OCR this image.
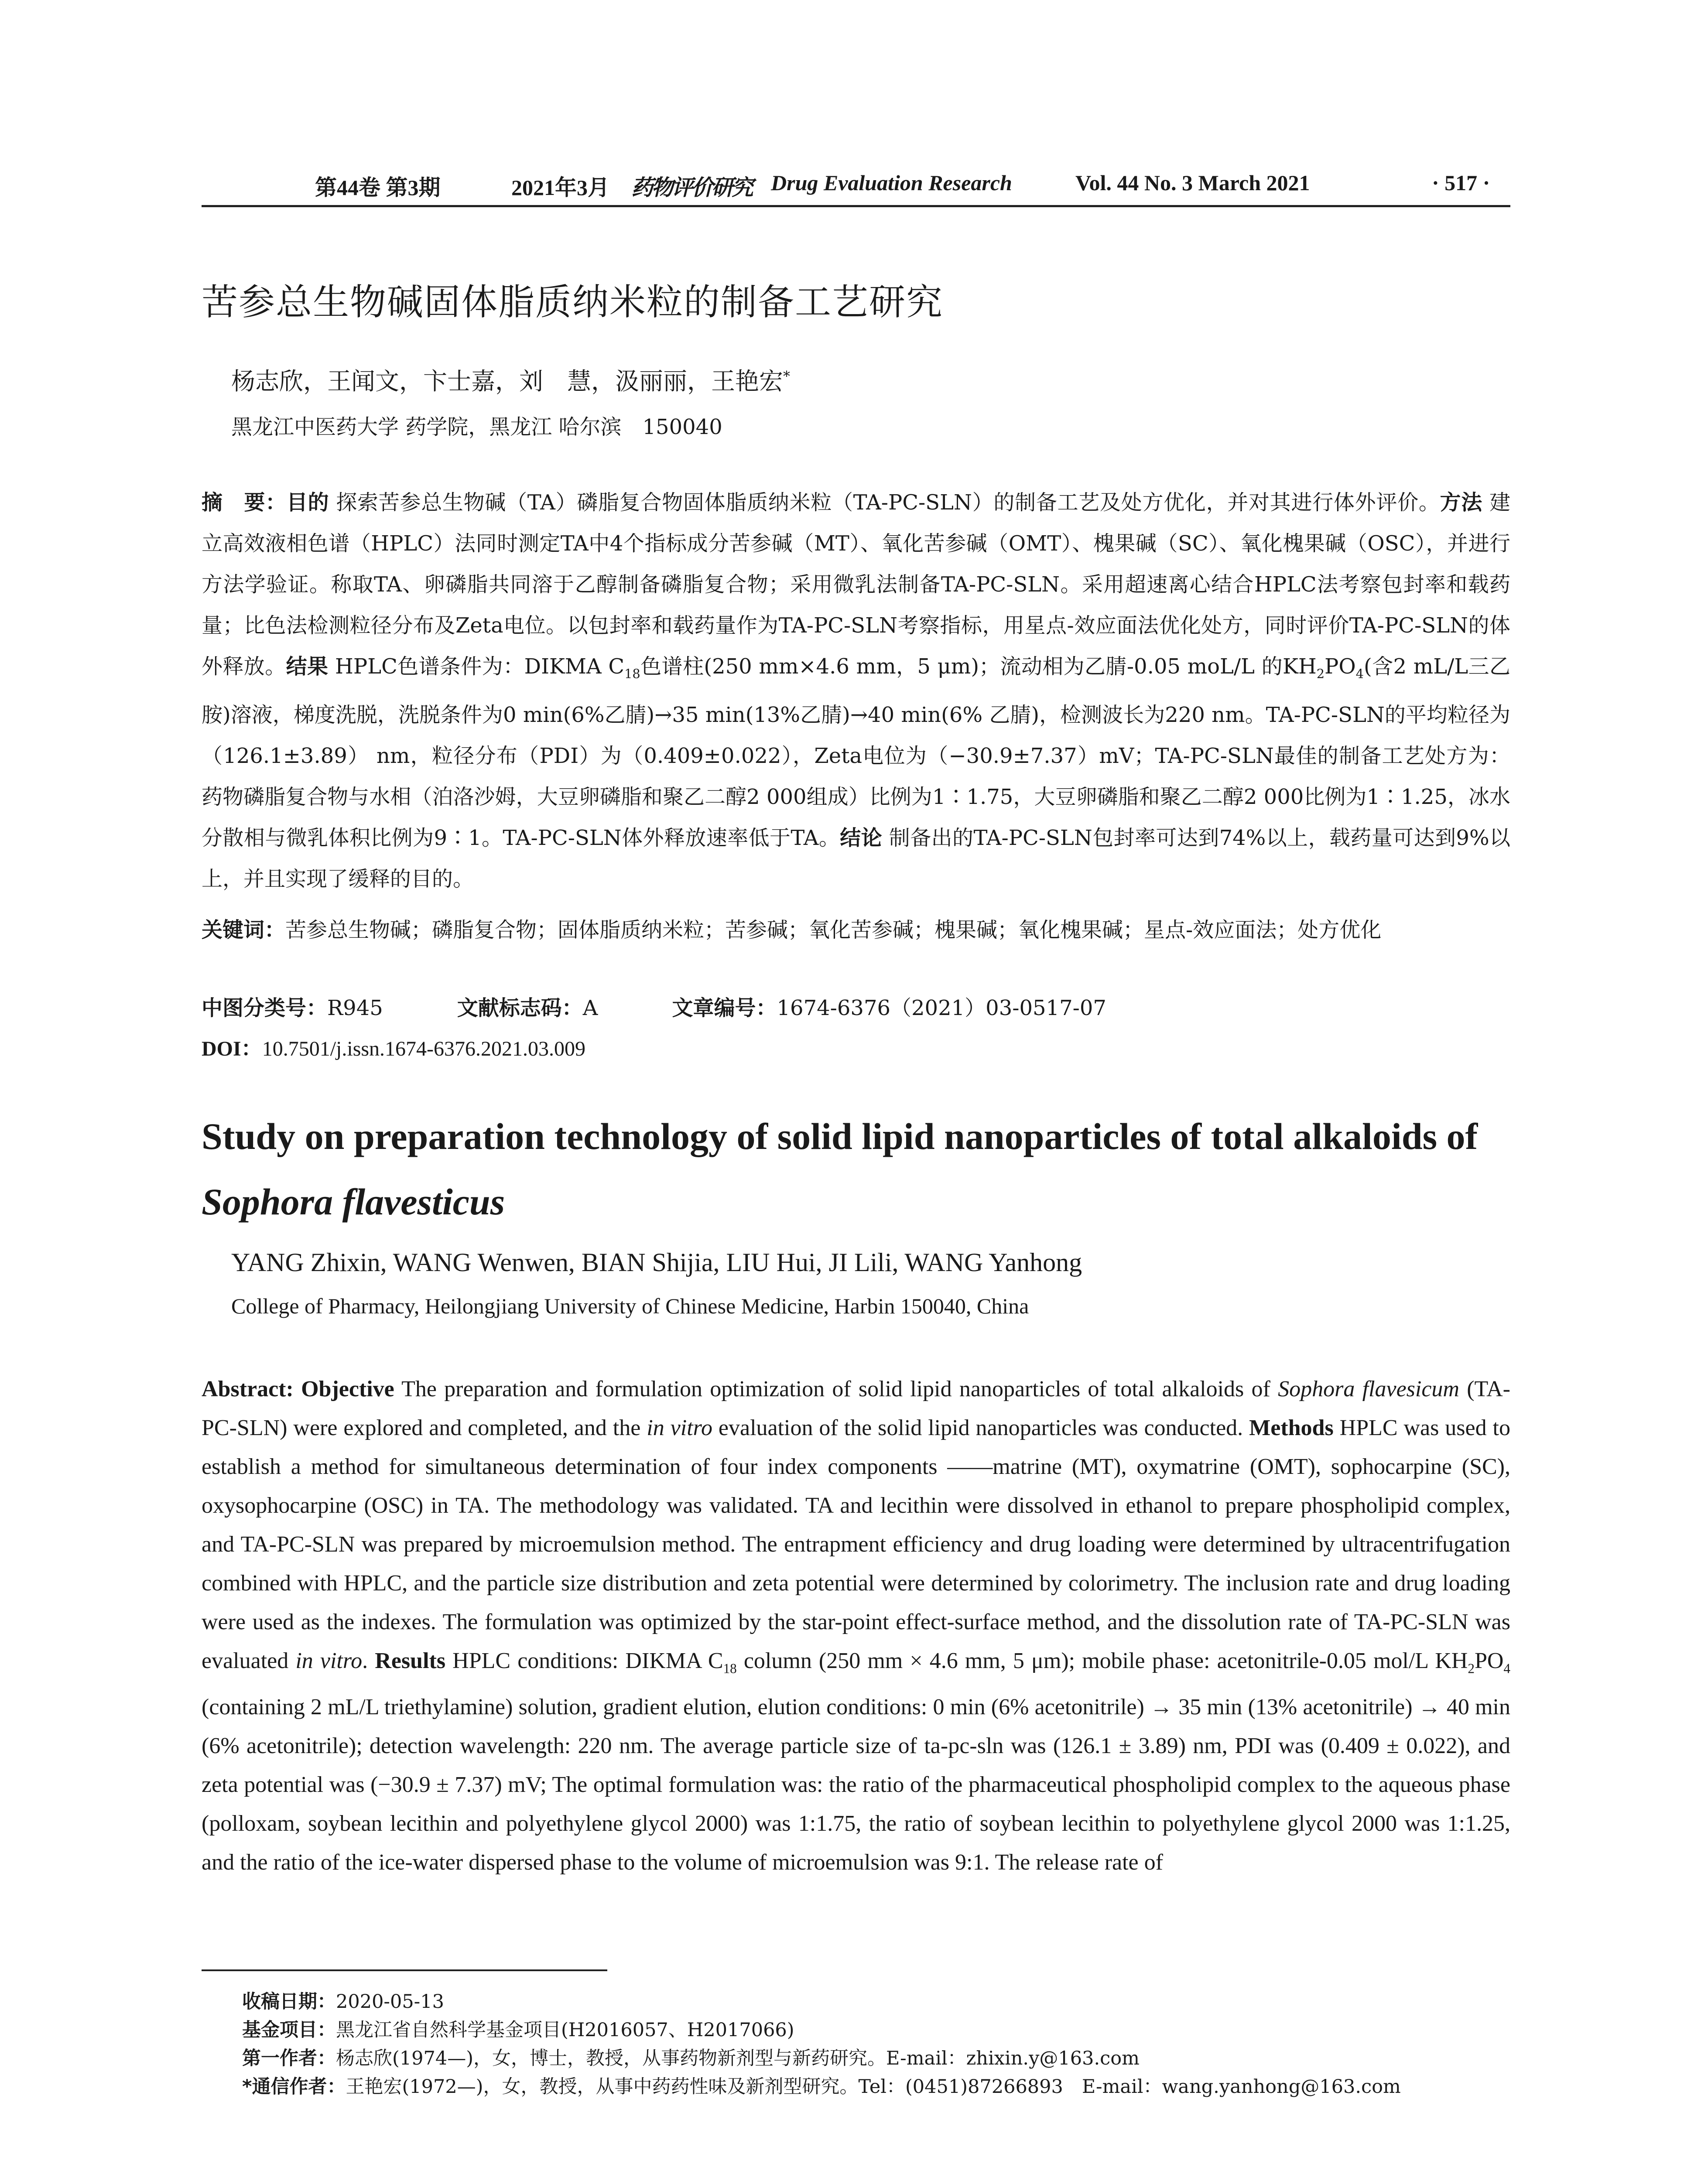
第44卷 第3期	2021年3月 药物评价研究 Drug Evaluation Research	Vol. 44 No. 3 March 2021	· 517 ·
苦参总生物碱固体脂质纳米粒的制备工艺研究
杨志欣，王闻文，卞士嘉，刘　慧，汲丽丽，王艳宏*
黑龙江中医药大学 药学院，黑龙江 哈尔滨　150040
摘　要：目的 探索苦参总生物碱（TA）磷脂复合物固体脂质纳米粒（TA-PC-SLN）的制备工艺及处方优化，并对其进行体外评价。方法 建立高效液相色谱（HPLC）法同时测定TA中4个指标成分苦参碱（MT）、氧化苦参碱（OMT）、槐果碱（SC）、氧化槐果碱（OSC），并进行方法学验证。称取TA、卵磷脂共同溶于乙醇制备磷脂复合物；采用微乳法制备TA-PC-SLN。采用超速离心结合HPLC法考察包封率和载药量；比色法检测粒径分布及Zeta电位。以包封率和载药量作为TA-PC-SLN考察指标，用星点-效应面法优化处方，同时评价TA-PC-SLN的体外释放。结果 HPLC色谱条件为：DIKMA $C_{18}$色谱柱(250 mm×4.6 mm，5 μm)；流动相为乙腈-0.05 moL/L 的$KH_2PO_4$(含2 mL/L三乙胺)溶液，梯度洗脱，洗脱条件为0 min(6%乙腈)→35 min(13%乙腈)→40 min(6% 乙腈)，检测波长为220 nm。TA-PC-SLN的平均粒径为（126.1±3.89） nm，粒径分布（PDI）为（0.409±0.022），Zeta电位为（−30.9±7.37）mV；TA-PC-SLN最佳的制备工艺处方为：药物磷脂复合物与水相（泊洛沙姆，大豆卵磷脂和聚乙二醇2 000组成）比例为1∶1.75，大豆卵磷脂和聚乙二醇2 000比例为1∶1.25，冰水分散相与微乳体积比例为9∶1。TA-PC-SLN体外释放速率低于TA。结论 制备出的TA-PC-SLN包封率可达到74%以上，载药量可达到9%以上，并且实现了缓释的目的。
关键词：苦参总生物碱；磷脂复合物；固体脂质纳米粒；苦参碱；氧化苦参碱；槐果碱；氧化槐果碱；星点-效应面法；处方优化
中图分类号：R945	文献标志码：A	文章编号：1674-6376（2021）03-0517-07
DOI：10.7501/j.issn.1674-6376.2021.03.009
Study on preparation technology of solid lipid nanoparticles of total alkaloids of
Sophora flavesticus
YANG Zhixin, WANG Wenwen, BIAN Shijia, LIU Hui, JI Lili, WANG Yanhong
College of Pharmacy, Heilongjiang University of Chinese Medicine, Harbin 150040, China
Abstract: Objective The preparation and formulation optimization of solid lipid nanoparticles of total alkaloids of Sophora flavesicum (TA-PC-SLN) were explored and completed, and the in vitro evaluation of the solid lipid nanoparticles was conducted. Methods HPLC was used to establish a method for simultaneous determination of four index components ——matrine (MT), oxymatrine (OMT), sophocarpine (SC), oxysophocarpine (OSC) in TA. The methodology was validated. TA and lecithin were dissolved in ethanol to prepare phospholipid complex, and TA-PC-SLN was prepared by microemulsion method. The entrapment efficiency and drug loading were determined by ultracentrifugation combined with HPLC, and the particle size distribution and zeta potential were determined by colorimetry. The inclusion rate and drug loading were used as the indexes. The formulation was optimized by the star-point effect-surface method, and the dissolution rate of TA-PC-SLN was evaluated in vitro. Results HPLC conditions: DIKMA $C_{18}$ column (250 mm × 4.6 mm, 5 μm); mobile phase: acetonitrile-0.05 mol/L $KH_2PO_4$ (containing 2 mL/L triethylamine) solution, gradient elution, elution conditions: 0 min (6% acetonitrile) → 35 min (13% acetonitrile) → 40 min (6% acetonitrile); detection wavelength: 220 nm. The average particle size of ta-pc-sln was (126.1 ± 3.89) nm, PDI was (0.409 ± 0.022), and zeta potential was (−30.9 ± 7.37) mV; The optimal formulation was: the ratio of the pharmaceutical phospholipid complex to the aqueous phase (polloxam, soybean lecithin and polyethylene glycol 2000) was 1:1.75, the ratio of soybean lecithin to polyethylene glycol 2000 was 1:1.25, and the ratio of the ice-water dispersed phase to the volume of microemulsion was 9:1. The release rate of
收稿日期：2020-05-13
基金项目：黑龙江省自然科学基金项目(H2016057、H2017066)
第一作者：杨志欣(1974—)，女，博士，教授，从事药物新剂型与新药研究。E-mail：zhixin.y@163.com
*通信作者：王艳宏(1972—)，女，教授，从事中药药性味及新剂型研究。Tel：(0451)87266893　E-mail：wang.yanhong@163.com
